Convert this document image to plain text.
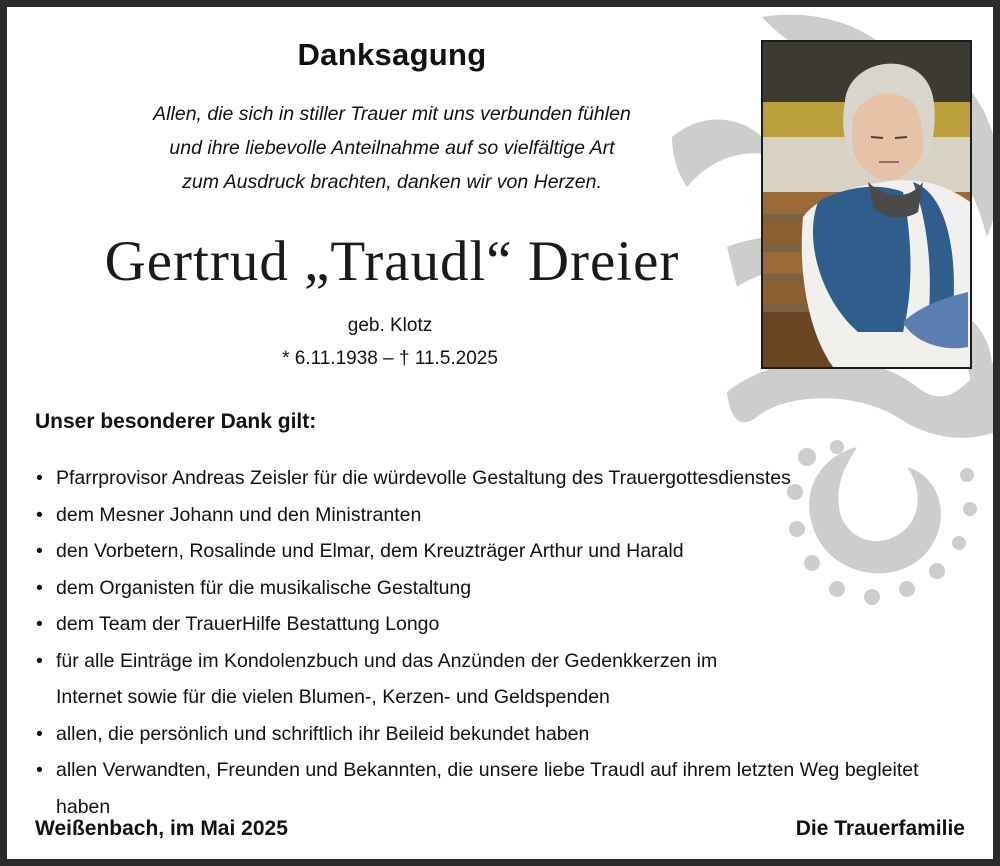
Danksagung
Allen, die sich in stiller Trauer mit uns verbunden fühlen
und ihre liebevolle Anteilnahme auf so vielfältige Art
zum Ausdruck brachten, danken wir von Herzen.
Gertrud „Traudl“ Dreier
geb. Klotz
* 6.11.1938 – † 11.5.2025
Unser besonderer Dank gilt:
• Pfarrprovisor Andreas Zeisler für die würdevolle Gestaltung des Trauergottesdienstes
• dem Mesner Johann und den Ministranten
• den Vorbetern, Rosalinde und Elmar, dem Kreuzträger Arthur und Harald
• dem Organisten für die musikalische Gestaltung
• dem Team der TrauerHilfe Bestattung Longo
• für alle Einträge im Kondolenzbuch und das Anzünden der Gedenkkerzen im Internet sowie für die vielen Blumen-, Kerzen- und Geldspenden
• allen, die persönlich und schriftlich ihr Beileid bekundet haben
• allen Verwandten, Freunden und Bekannten, die unsere liebe Traudl auf ihrem letzten Weg begleitet haben
Weißenbach, im Mai 2025	Die Trauerfamilie
